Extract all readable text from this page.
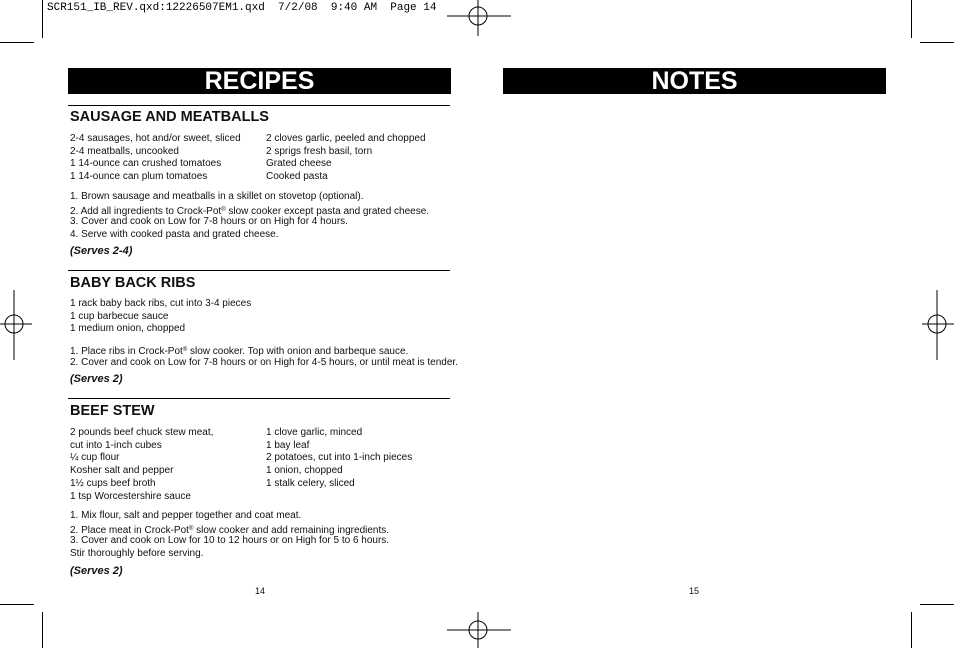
SCR151_IB_REV.qxd:12226507EM1.qxd  7/2/08  9:40 AM  Page 14
RECIPES	NOTES
SAUSAGE AND MEATBALLS
2-4 sausages, hot and/or sweet, sliced
2-4 meatballs, uncooked
1 14-ounce can crushed tomatoes
1 14-ounce can plum tomatoes
2 cloves garlic, peeled and chopped
2 sprigs fresh basil, torn
Grated cheese
Cooked pasta
1. Brown sausage and meatballs in a skillet on stovetop (optional).
2. Add all ingredients to Crock-Pot® slow cooker except pasta and grated cheese.
3. Cover and cook on Low for 7-8 hours or on High for 4 hours.
4. Serve with cooked pasta and grated cheese.
(Serves 2-4)
BABY BACK RIBS
1 rack baby back ribs, cut into 3-4 pieces
1 cup barbecue sauce
1 medium onion, chopped
1. Place ribs in Crock-Pot® slow cooker. Top with onion and barbeque sauce.
2. Cover and cook on Low for 7-8 hours or on High for 4-5 hours, or until meat is tender.
(Serves 2)
BEEF STEW
2 pounds beef chuck stew meat,
cut into 1-inch cubes
¼ cup flour
Kosher salt and pepper
1½ cups beef broth
1 tsp Worcestershire sauce
1 clove garlic, minced
1 bay leaf
2 potatoes, cut into 1-inch pieces
1 onion, chopped
1 stalk celery, sliced
1. Mix flour, salt and pepper together and coat meat.
2. Place meat in Crock-Pot® slow cooker and add remaining ingredients.
3. Cover and cook on Low for 10 to 12 hours or on High for 5 to 6 hours.
Stir thoroughly before serving.
(Serves 2)
14	15
